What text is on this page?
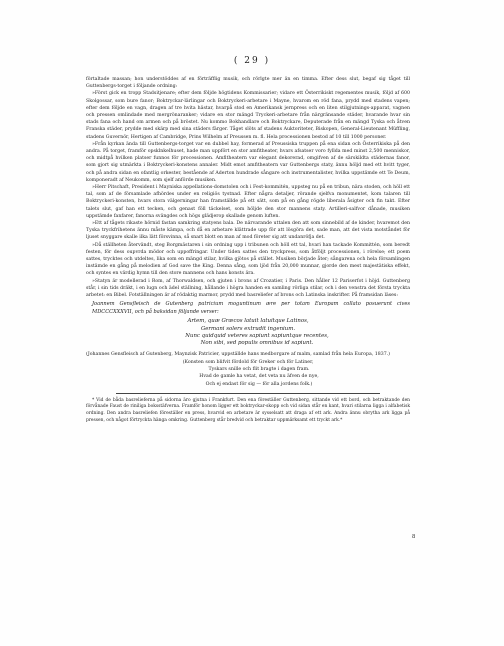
( 29 )

förtaltade massan; hon understöddes af en förträfflig musik, och rörlgte mer än en timma. Efter dess slut, begaf sig tåget till Guttenbergs-torget i följande ordning:

»Först gick en tropp Stadsitjenare; efter dem följde högtidens Kommissarier; vidare ett Österrikiskt regementes musik, följd af 600 Skolgossar, som bure fanor; Boktryckar-lärlingar och Boktryckeri-arbetare i Mayne, hvarom en röd fana, prydd med stadens vapen; efter dem följde en vagn, dragen af tre hvita hästar, hvarpå stod en Amerikansk jernpress och en liten stilgjutnings-apparat, vagnen och pressen omlindade med mergrönaranker; vidare en stor mängd Tryckeri-arbetare från närgränsande städer, hvarande hvar sin stads fana och hand om armen och på bröstet. Nu kommo Bokhandlare och Boktryckare, Deputerade från en mängd Tyska och åtven Franska städer, prydde med skärp med sina städers färger. Tåget slöts af stadens Auktoriteter, Biskopen, General-Lieutenant Müffling, stadens Guvernör, Hertigen af Cambridge, Prins Wilhelm af Preussen m. fl. Hela processionen bestod af 10 till 1000 personer.

»Från kyrkan ända till Guttenbergs-torget var en dubbel hay, formerad af Preussiska truppen på ena sidan och Österrikiska på den andra. På torget, framför opsklnkelhuset, hade man uppfört en stor amfitheater, hvars afsatser voro fyllda med minst 2,500 menniskor, och midtpå hvilken platser funnos för processionen. Amfitheatern var elegant dekorerad, omgifven af de särskildta städernas fanor, som gjort sig utmärkta i Boktryckeri-konstens annaler. Midt emot amfitheatern var Guttenbergs staty, ännu höljd med ett hvitt tyger, och på andra sidan en ofantlig orkester, bestående af Aderton hundrade sångare och instrumentalister, hvilka uppstämde ett Te Deum, komponeradt af Neukomm, som sjelf anförde musiken.

»Herr Pitschaft, President i Mayniska appellations-domstolen och i Fest-kommitén, uppsteg nu på en tribun, nära stoden, och höll ett tal, som af de församlade afhördes under en religiös tystnad. Efter några detaljer, rörande sjelfva monumentet, kom talaren till Boktryckeri-konsten, hvars stora välgerningar han framställde på ett sätt, som på en gång rögde liberala åsigter och fin takt. Efter talets slut, gaf han ett tecken, och genast föll täckelset, som höljde den stor mannens staty. Artilleri-salfvor dånade, musiken uppstämde fanfarer, fanorna svängdes och högs glädjerop skallade genom luften.

»Ett af tågets rikaste hörnid fastan samkring statyens bala. De närvarande uttalen den att som sinnebild af de kinder, hvaremot den Tyska tryckfrihetens ännu måste kämpa, och då en arbetare klättrade upp för att lösgöra det, sade man, att det vista motståndet för ljuset snyggare skalle ilka lätt försvinna, så snart blott en man af mod företer sig att undanröfja det.

»Då ställheten återvändt, steg Borgmästaren i sin ordning upp i tribunen och höll ett tal, hvari han tackade Kommittén, som beredt festen, för dess oupvrda mödor och uppoffringar. Under tiden sattes den tryckpress, som åtföljt processionen, i rörelse; ett poem sattes, trycktes och utdeltes, lika som en mängd stilar, hvilka gjötos på stället. Musiken började åter; sångarena och hela församlingen instämde en gång på melodien af God save the King. Denna sång, som ljöd från 20,000 munnar, gjorde den mest majestätiska effekt, och syntes en värdig hymn till den store mannens och hans konsts ära.

»Statyn är modellerad i Rom, af Thorwaldsen, och gjuten i brons af Crozatier, i Paris. Den håller 12 Pariserfot i höjd. Guttenberg står, i sin tids dräkt, i en lugn och ädel ställning, hållande i högra handen en samling rörliga stilar, och i den venstra det första tryckta arbetet: en Bibel. Fotställningen är af rödaktig marmor, prydd med basreliefer af brons och Latinska inskrifter. På framsidan läses:

Joannem Gensfleisch de Gutenberg patricium moguntinum ære per totam Europam collato posuerunt cives MDCCCXXXVII, och på baksidan följande verser:

Artem, quæ Græcos latuit latuitque Latinos,
Germani solers extrudit ingenium.
Nunc quidquid veteres sapiunt sapiuntque recentes,
Non sibi, sed populis omnibus id sapiunt.

(Johannes Gensfleisch af Gutenberg, Maynzisk Patricier, uppställde hans medborgare af malm, samlad från hela Europa, 1837.)

(Konsten som blifvit fördold för Greker och för Latiner,
Tyskars snille och flit bragte i dagen fram.
Hvad de gamle ha vetat, det veta nu äfven de nye,
Och ej endast för sig — för alla jordens folk.)

* Vid de båda basrelieferna på sidorna äro gjutna i Frankfurt. Den ena föreställer Guttenberg, sittande vid ett bord, och betraktande den förvånade Faust de riniliga boksstäfverna. Framför honom ligger ett boktryckar-skopp och vid sidan står en kant, hvari stilarna ligga i alfabetisk ordning. Den andra basreliefen föreställer en press, hvarvid en arbetare är sysselsatt att draga af ett ark. Andra ännu obrytha ark ligga på pressen, och något förtryckta hänga omkring. Guttenberg står bredvid och betraktar uppmärksamt ett tryckt ark.*

8
